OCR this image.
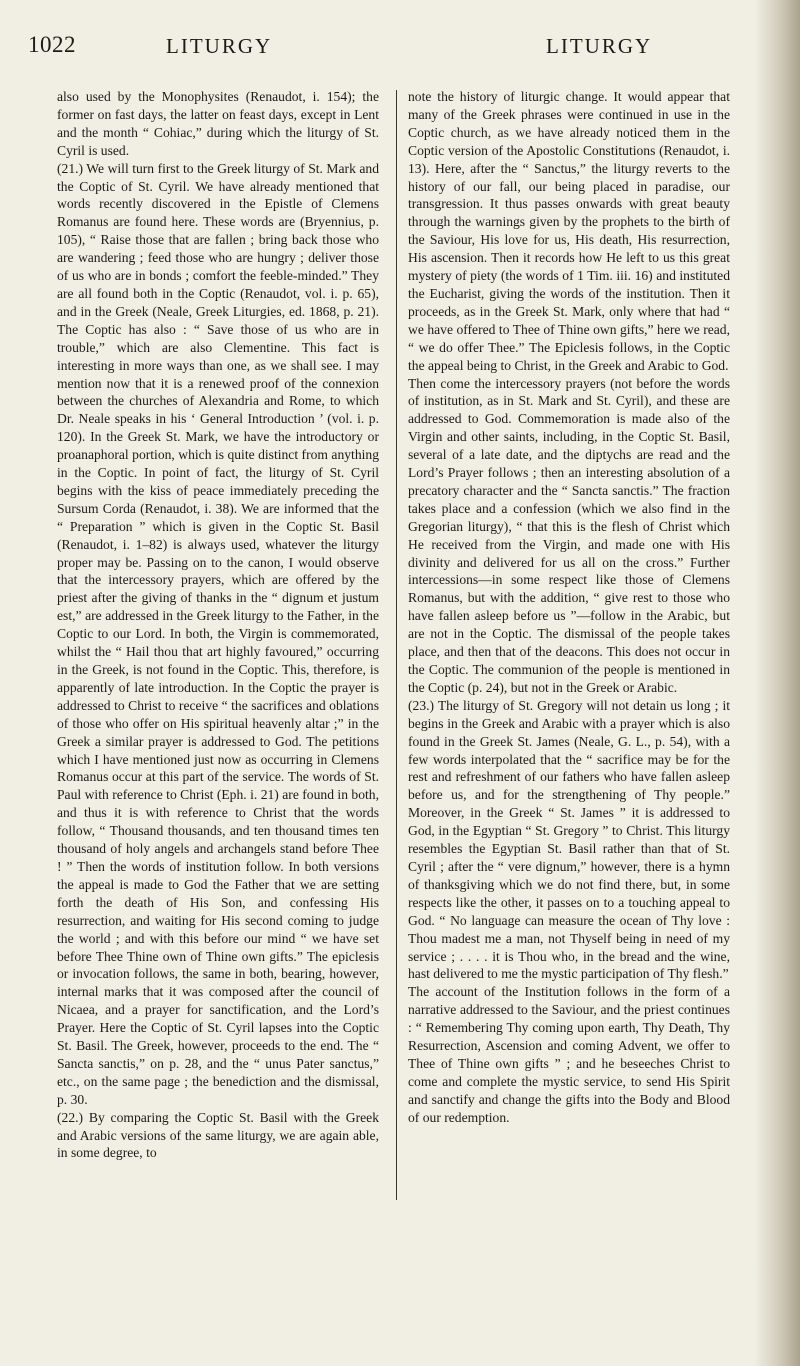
1022	LITURGY	LITURGY

also used by the Monophysites (Renaudot, i. 154); the former on fast days, the latter on feast days, except in Lent and the month “ Cohiac,” during which the liturgy of St. Cyril is used.

(21.) We will turn first to the Greek liturgy of St. Mark and the Coptic of St. Cyril. We have already mentioned that words recently discovered in the Epistle of Clemens Romanus are found here. These words are (Bryennius, p. 105), “ Raise those that are fallen ; bring back those who are wandering ; feed those who are hungry ; deliver those of us who are in bonds ; comfort the feeble-minded.” They are all found both in the Coptic (Renaudot, vol. i. p. 65), and in the Greek (Neale, Greek Liturgies, ed. 1868, p. 21). The Coptic has also : “ Save those of us who are in trouble,” which are also Clementine. This fact is interesting in more ways than one, as we shall see. I may mention now that it is a renewed proof of the connexion between the churches of Alexandria and Rome, to which Dr. Neale speaks in his ‘ General Introduction ’ (vol. i. p. 120). In the Greek St. Mark, we have the introductory or proanaphoral portion, which is quite distinct from anything in the Coptic. In point of fact, the liturgy of St. Cyril begins with the kiss of peace immediately preceding the Sursum Corda (Renaudot, i. 38). We are informed that the “ Preparation ” which is given in the Coptic St. Basil (Renaudot, i. 1–82) is always used, whatever the liturgy proper may be. Passing on to the canon, I would observe that the intercessory prayers, which are offered by the priest after the giving of thanks in the “ dignum et justum est,” are addressed in the Greek liturgy to the Father, in the Coptic to our Lord. In both, the Virgin is commemorated, whilst the “ Hail thou that art highly favoured,” occurring in the Greek, is not found in the Coptic. This, therefore, is apparently of late introduction. In the Coptic the prayer is addressed to Christ to receive “ the sacrifices and oblations of those who offer on His spiritual heavenly altar ;” in the Greek a similar prayer is addressed to God. The petitions which I have mentioned just now as occurring in Clemens Romanus occur at this part of the service. The words of St. Paul with reference to Christ (Eph. i. 21) are found in both, and thus it is with reference to Christ that the words follow, “ Thousand thousands, and ten thousand times ten thousand of holy angels and archangels stand before Thee ! ” Then the words of institution follow. In both versions the appeal is made to God the Father that we are setting forth the death of His Son, and confessing His resurrection, and waiting for His second coming to judge the world ; and with this before our mind “ we have set before Thee Thine own of Thine own gifts.” The epiclesis or invocation follows, the same in both, bearing, however, internal marks that it was composed after the council of Nicaea, and a prayer for sanctification, and the Lord’s Prayer. Here the Coptic of St. Cyril lapses into the Coptic St. Basil. The Greek, however, proceeds to the end. The “ Sancta sanctis,” on p. 28, and the “ unus Pater sanctus,” etc., on the same page ; the benediction and the dismissal, p. 30.

(22.) By comparing the Coptic St. Basil with the Greek and Arabic versions of the same liturgy, we are again able, in some degree, to

note the history of liturgic change. It would appear that many of the Greek phrases were continued in use in the Coptic church, as we have already noticed them in the Coptic version of the Apostolic Constitutions (Renaudot, i. 13). Here, after the “ Sanctus,” the liturgy reverts to the history of our fall, our being placed in paradise, our transgression. It thus passes onwards with great beauty through the warnings given by the prophets to the birth of the Saviour, His love for us, His death, His resurrection, His ascension. Then it records how He left to us this great mystery of piety (the words of 1 Tim. iii. 16) and instituted the Eucharist, giving the words of the institution. Then it proceeds, as in the Greek St. Mark, only where that had “ we have offered to Thee of Thine own gifts,” here we read, “ we do offer Thee.” The Epiclesis follows, in the Coptic the appeal being to Christ, in the Greek and Arabic to God.

Then come the intercessory prayers (not before the words of institution, as in St. Mark and St. Cyril), and these are addressed to God. Commemoration is made also of the Virgin and other saints, including, in the Coptic St. Basil, several of a late date, and the diptychs are read and the Lord’s Prayer follows ; then an interesting absolution of a precatory character and the “ Sancta sanctis.” The fraction takes place and a confession (which we also find in the Gregorian liturgy), “ that this is the flesh of Christ which He received from the Virgin, and made one with His divinity and delivered for us all on the cross.” Further intercessions—in some respect like those of Clemens Romanus, but with the addition, “ give rest to those who have fallen asleep before us ”—follow in the Arabic, but are not in the Coptic. The dismissal of the people takes place, and then that of the deacons. This does not occur in the Coptic. The communion of the people is mentioned in the Coptic (p. 24), but not in the Greek or Arabic.

(23.) The liturgy of St. Gregory will not detain us long ; it begins in the Greek and Arabic with a prayer which is also found in the Greek St. James (Neale, G. L., p. 54), with a few words interpolated that the “ sacrifice may be for the rest and refreshment of our fathers who have fallen asleep before us, and for the strengthening of Thy people.” Moreover, in the Greek “ St. James ” it is addressed to God, in the Egyptian “ St. Gregory ” to Christ. This liturgy resembles the Egyptian St. Basil rather than that of St. Cyril ; after the “ vere dignum,” however, there is a hymn of thanksgiving which we do not find there, but, in some respects like the other, it passes on to a touching appeal to God. “ No language can measure the ocean of Thy love : Thou madest me a man, not Thyself being in need of my service ; . . . . it is Thou who, in the bread and the wine, hast delivered to me the mystic participation of Thy flesh.”

The account of the Institution follows in the form of a narrative addressed to the Saviour, and the priest continues : “ Remembering Thy coming upon earth, Thy Death, Thy Resurrection, Ascension and coming Advent, we offer to Thee of Thine own gifts ” ; and he beseeches Christ to come and complete the mystic service, to send His Spirit and sanctify and change the gifts into the Body and Blood of our redemption.
